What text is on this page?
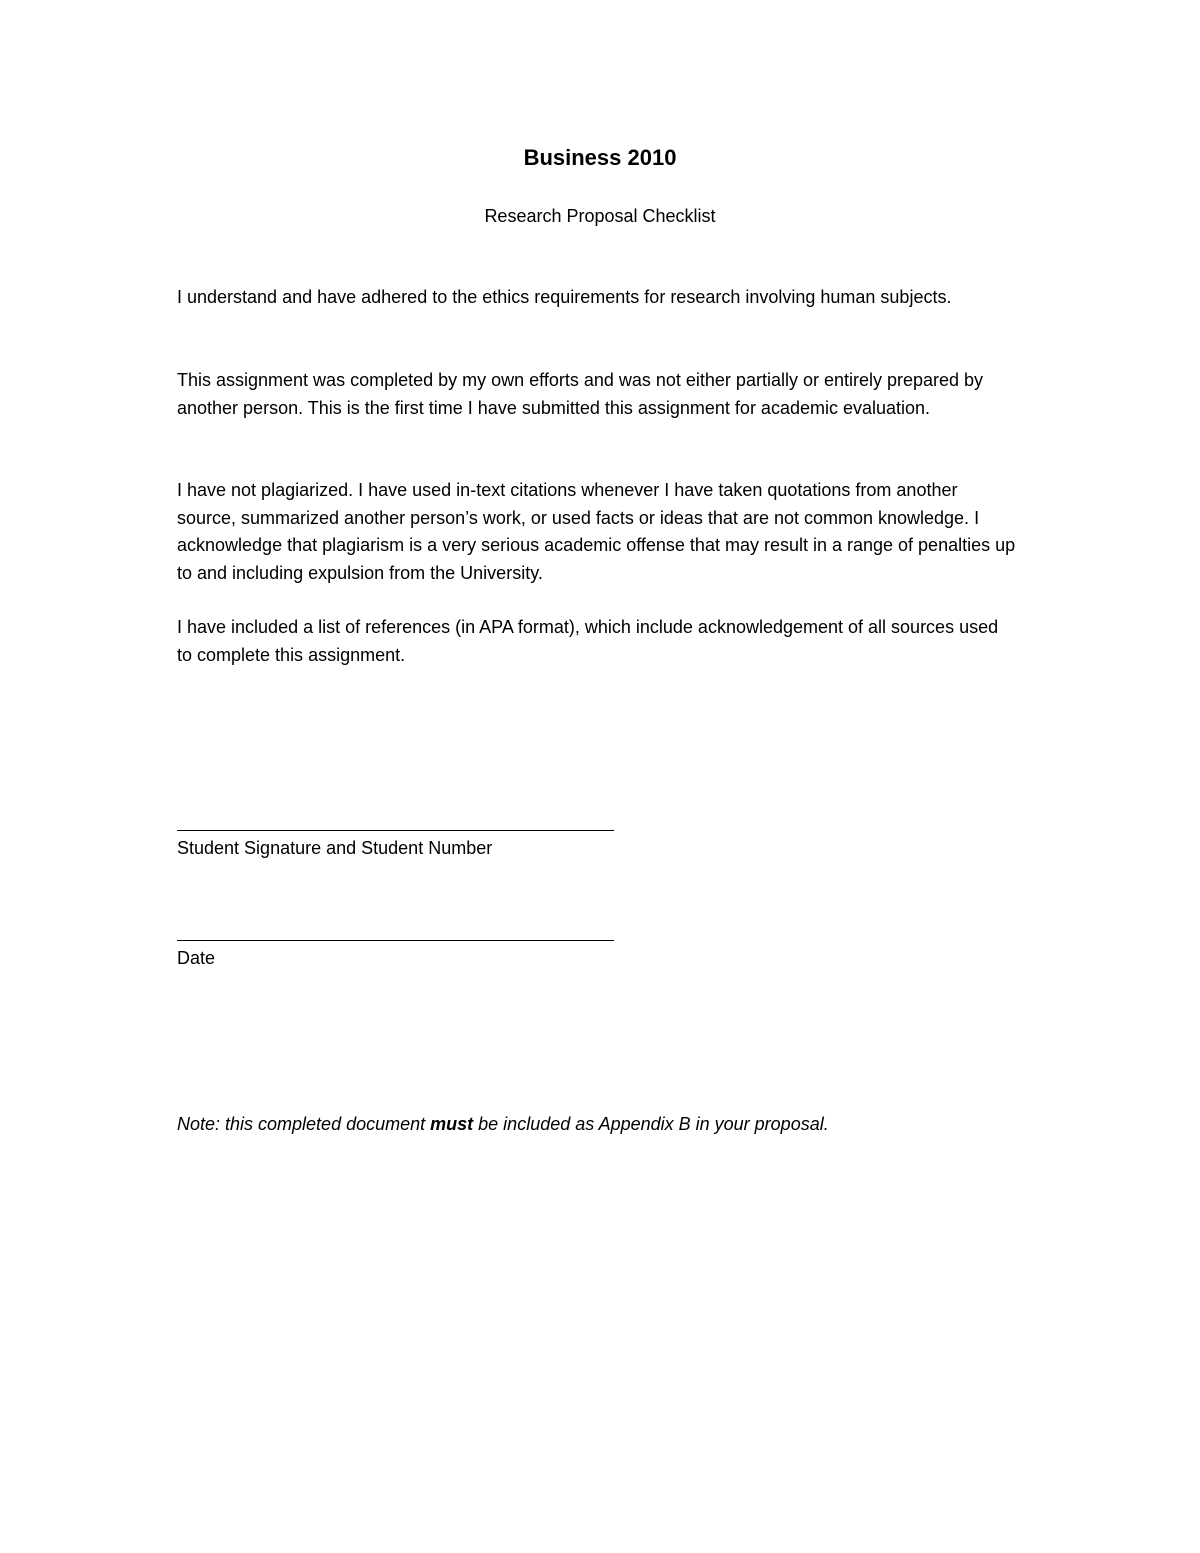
Business 2010
Research Proposal Checklist

I understand and have adhered to the ethics requirements for research involving human subjects.

This assignment was completed by my own efforts and was not either partially or entirely prepared by another person. This is the first time I have submitted this assignment for academic evaluation.

I have not plagiarized. I have used in-text citations whenever I have taken quotations from another source, summarized another person’s work, or used facts or ideas that are not common knowledge. I acknowledge that plagiarism is a very serious academic offense that may result in a range of penalties up to and including expulsion from the University.

I have included a list of references (in APA format), which include acknowledgement of all sources used to complete this assignment.

Student Signature and Student Number
Date
Note: this completed document must be included as Appendix B in your proposal.
